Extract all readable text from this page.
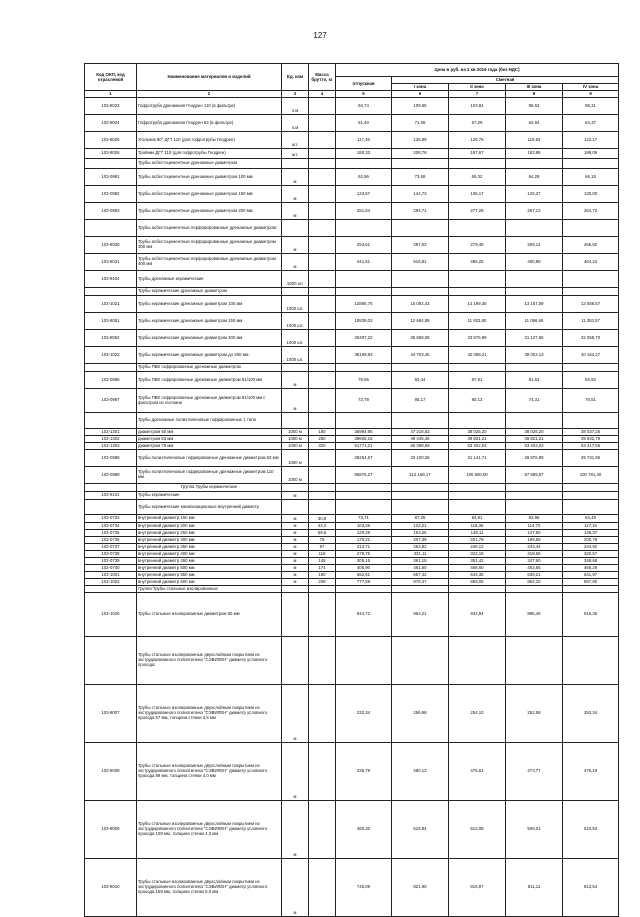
127
Код ОКП, код отраслевой	Наименование материалов и изделий	Ед. изм	Масса брутто, кг	Цена в руб. на 2 кв 2016 года (без НДС)				
				отпускная	Сметная			
					I зона	II зона	III зона	IV зона
1	2	3	4	5	6	7	8	9
103-8023	Гофротруба дренажная Геодрен 110 (в фильтре)	п.м		94,74	109,65	103,84	96,63	99,31
103-8024	Гофротруба дренажная Геодрен 63 (в фильтре)	п.м		61,40	71,06	67,29	62,84	64,37
103-8025	Угольник 90° ДГТ 110 (для гофротрубы Геодрен)	шт.		117,46	135,99	128,76	119,83	123,17
103-8026	Тройник ДГТ 110 (для гофротрубы Геодрен)	шт.		180,33	208,76	197,67	183,95	189,09
	Трубы асбестоцементные дренажные диаметром							
103-0981	Трубы асбестоцементные дренажные диаметром 100 мм	м		62,96	73,68	69,32	64,29	66,18
103-0982	Трубы асбестоцементные дренажные диаметром 150 мм	м		123,67	144,73	136,17	126,27	130,00
103-0983	Трубы асбестоцементные дренажные диаметром 200 мм	м		251,64	294,71	277,28	257,13	264,72
	Трубы асбестоцементные перфорированные дренажные диаметром:							
103-8030	Трубы асбестоцементные перфорированные дренажные диаметром 300 мм	м		253,61	297,03	279,46	259,14	266,82
103-8031	Трубы асбестоцементные перфорированные дренажные диаметром 400 мм	м		441,61	516,81	486,25	450,89	464,24
103-9104	Трубы дренажные керамические	1000 шт						
	Трубы керамические дренажные диаметром							
103-1021	Трубы керамические дренажные диаметром 100 мм	1000 шт.		12886,76	15 092,43	14 199,36	13 167,59	13 556,57
103-8051	Трубы керамические дренажные диаметром 150 мм	1000 шт.		10839,03	12 694,88	11 933,80	11 066,65	11 393,57
103-8052	Трубы керамические дренажные диаметром 200 мм	1000 шт.		30497,22	35 658,08	33 576,99	31 137,66	32 058,70
103-1022	Трубы керамические дренажные диаметром до 250 мм	1000 шт.		38199,93	44 703,45	42 068,21	39 002,13	40 154,27
	Трубы ПВХ гофрированные дренажные диаметром							
103-0986	Трубы ПВХ гофрированные дренажные диаметром 91/100 мм	м		79,65	93,44	87,91	81,53	83,93
103-0987	Трубы ПВХ гофрированные дренажные диаметром 91/100 мм с фильтром из геоткани	м		72,78	85,17	80,13	74,31	76,51
	Трубы дренажные полиэтиленовые гофрированные 1 типа							
103-1301	диаметром 50 мм	1000 м	180	36984,95	47 216,83	38 026,20	38 026,20	38 037,26
103-1302	диаметром 63 мм	1000 м	250	39605,16	49 445,46	39 821,21	39 821,21	39 832,79
103-1303	диаметром 75 мм	1000 м	320	51771,21	66 398,59	53 402,03	53 402,03	53 417,56
103-0988	Трубы полиэтиленовые гофрированные дренажные диаметром 63 мм	1000 м		28264,67	33 100,36	31 141,71	28 876,89	29 731,95
103-0989	Трубы полиэтиленовые гофрированные дренажные диаметром 110 мм	1000 м		95876,27	112 159,17	105 560,00	97 889,57	100 781,40
	Группа Трубы керамические							
103-9101	Трубы керамические	м						
	Трубы керамические канализационные внутренний диаметр							
103-0733	внутренний диаметр 150 мм	м	30,9	73,71	87,25	84,91	83,96	84,48
103-0734	внутренний диаметр 200 мм	м	43,3	103,26	122,21	118,36	114,70	117,16
103-0735	внутренний диаметр 250 мм	м	59,6	129,49	153,26	149,11	147,50	148,37
103-0736	внутренний диаметр 300 мм	м	75	175,21	207,39	201,78	199,59	200,78
103-0737	внутренний диаметр 350 мм	м	97	213,71	252,92	246,13	243,44	244,92
103-0738	внутренний диаметр 400 мм	м	118	279,75	331,11	322,18	318,65	320,57
103-0739	внутренний диаметр 450 мм	м	145	305,15	361,15	351,42	347,60	349,68
103-0740	внутренний диаметр 500 мм	м	174	406,90	481,60	468,60	463,55	466,29
103-1001	внутренний диаметр 550 мм	м	190	562,61	657,42	644,35	639,21	641,97
103-1002	внутренний диаметр 600 мм	м	208	777,69	878,47	869,05	864,10	857,80
	Группа Трубы стальные изолированные							
103-1026	Трубы стальные изолированные диаметром 50 мм			844,72	964,21	932,94	896,49	915,36
	Трубы стальные изолированные двухслойным покрытием из экструдированного полиэтилена "СЭВИЛЕН" диаметр условного прохода:							
103-8007	Трубы стальные изолированные двухслойным покрытием из экструдированного полиэтилена "СЭВИЛЕН" диаметр условного прохода 57 мм, толщина стенки 3,5 мм	м		232,34	256,98	254,10	252,59	253,34
103-8008	Трубы стальные изолированные двухслойным покрытием из экструдированного полиэтилена "СЭВИЛЕН" диаметр условного прохода 89 мм, толщина стенки 4,0 мм	м		435,79	480,13	476,61	473,77	475,19
103-8009	Трубы стальные изолированные двухслойным покрытием из экструдированного полиэтилена "СЭВИЛЕН" диаметр условного прохода 108 мм, толщина стенки 4,0 мм	м		460,20	515,84	512,08	509,01	510,53
103-8010	Трубы стальные изолированные двухслойным покрытием из экструдированного полиэтилена "СЭВИЛЕН" диаметр условного прохода 159 мм, толщина стенки 5,0 мм	м		746,09	821,90	815,97	811,11	813,54
